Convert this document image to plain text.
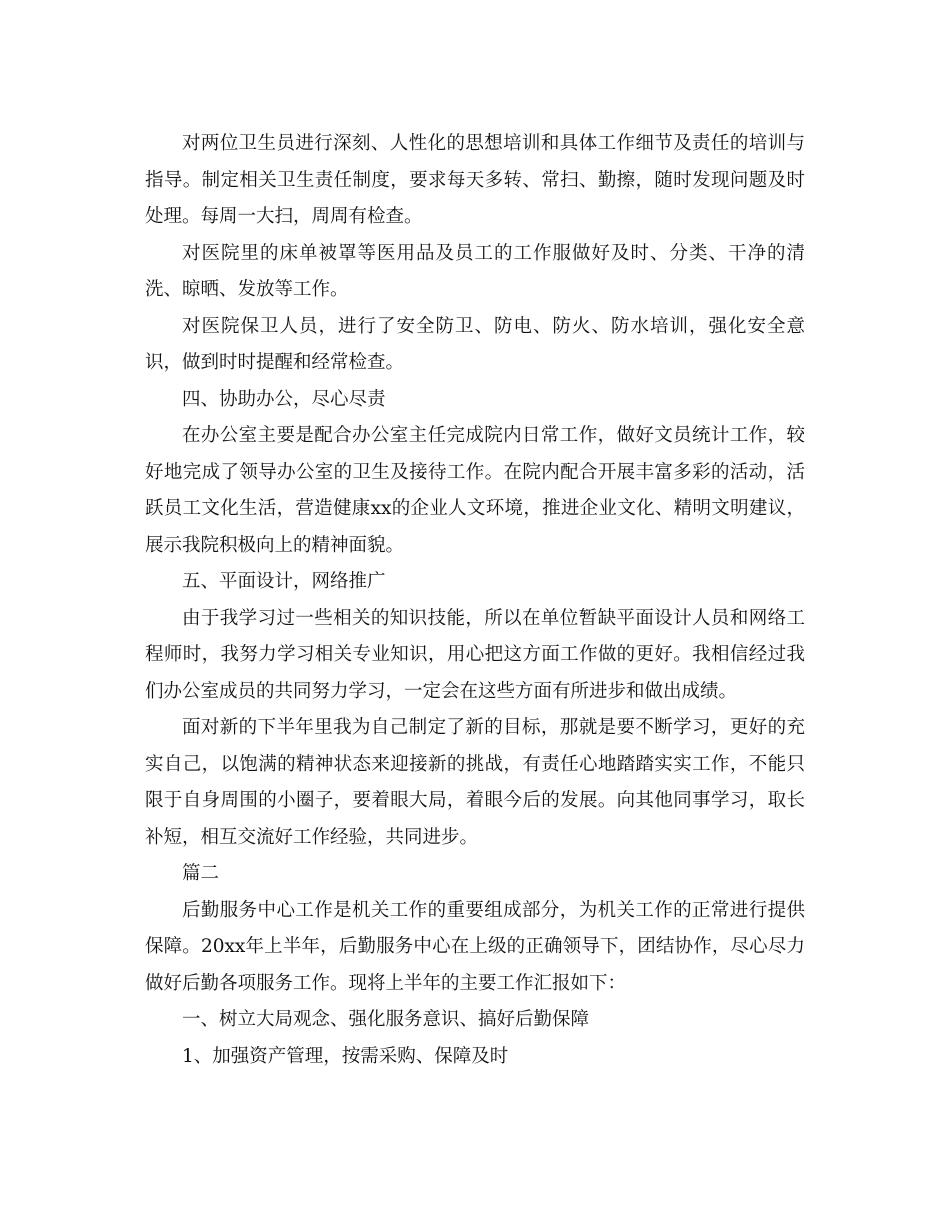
对两位卫生员进行深刻、人性化的思想培训和具体工作细节及责任的培训与指导。制定相关卫生责任制度，要求每天多转、常扫、勤擦，随时发现问题及时处理。每周一大扫，周周有检查。

对医院里的床单被罩等医用品及员工的工作服做好及时、分类、干净的清洗、晾晒、发放等工作。

对医院保卫人员，进行了安全防卫、防电、防火、防水培训，强化安全意识，做到时时提醒和经常检查。

四、协助办公，尽心尽责

在办公室主要是配合办公室主任完成院内日常工作，做好文员统计工作，较好地完成了领导办公室的卫生及接待工作。在院内配合开展丰富多彩的活动，活跃员工文化生活，营造健康xx的企业人文环境，推进企业文化、精明文明建议，展示我院积极向上的精神面貌。

五、平面设计，网络推广

由于我学习过一些相关的知识技能，所以在单位暂缺平面设计人员和网络工程师时，我努力学习相关专业知识，用心把这方面工作做的更好。我相信经过我们办公室成员的共同努力学习，一定会在这些方面有所进步和做出成绩。

面对新的下半年里我为自己制定了新的目标，那就是要不断学习，更好的充实自己，以饱满的精神状态来迎接新的挑战，有责任心地踏踏实实工作，不能只限于自身周围的小圈子，要着眼大局，着眼今后的发展。向其他同事学习，取长补短，相互交流好工作经验，共同进步。

篇二

后勤服务中心工作是机关工作的重要组成部分，为机关工作的正常进行提供保障。20xx年上半年，后勤服务中心在上级的正确领导下，团结协作，尽心尽力做好后勤各项服务工作。现将上半年的主要工作汇报如下：

一、树立大局观念、强化服务意识、搞好后勤保障

1、加强资产管理，按需采购、保障及时
